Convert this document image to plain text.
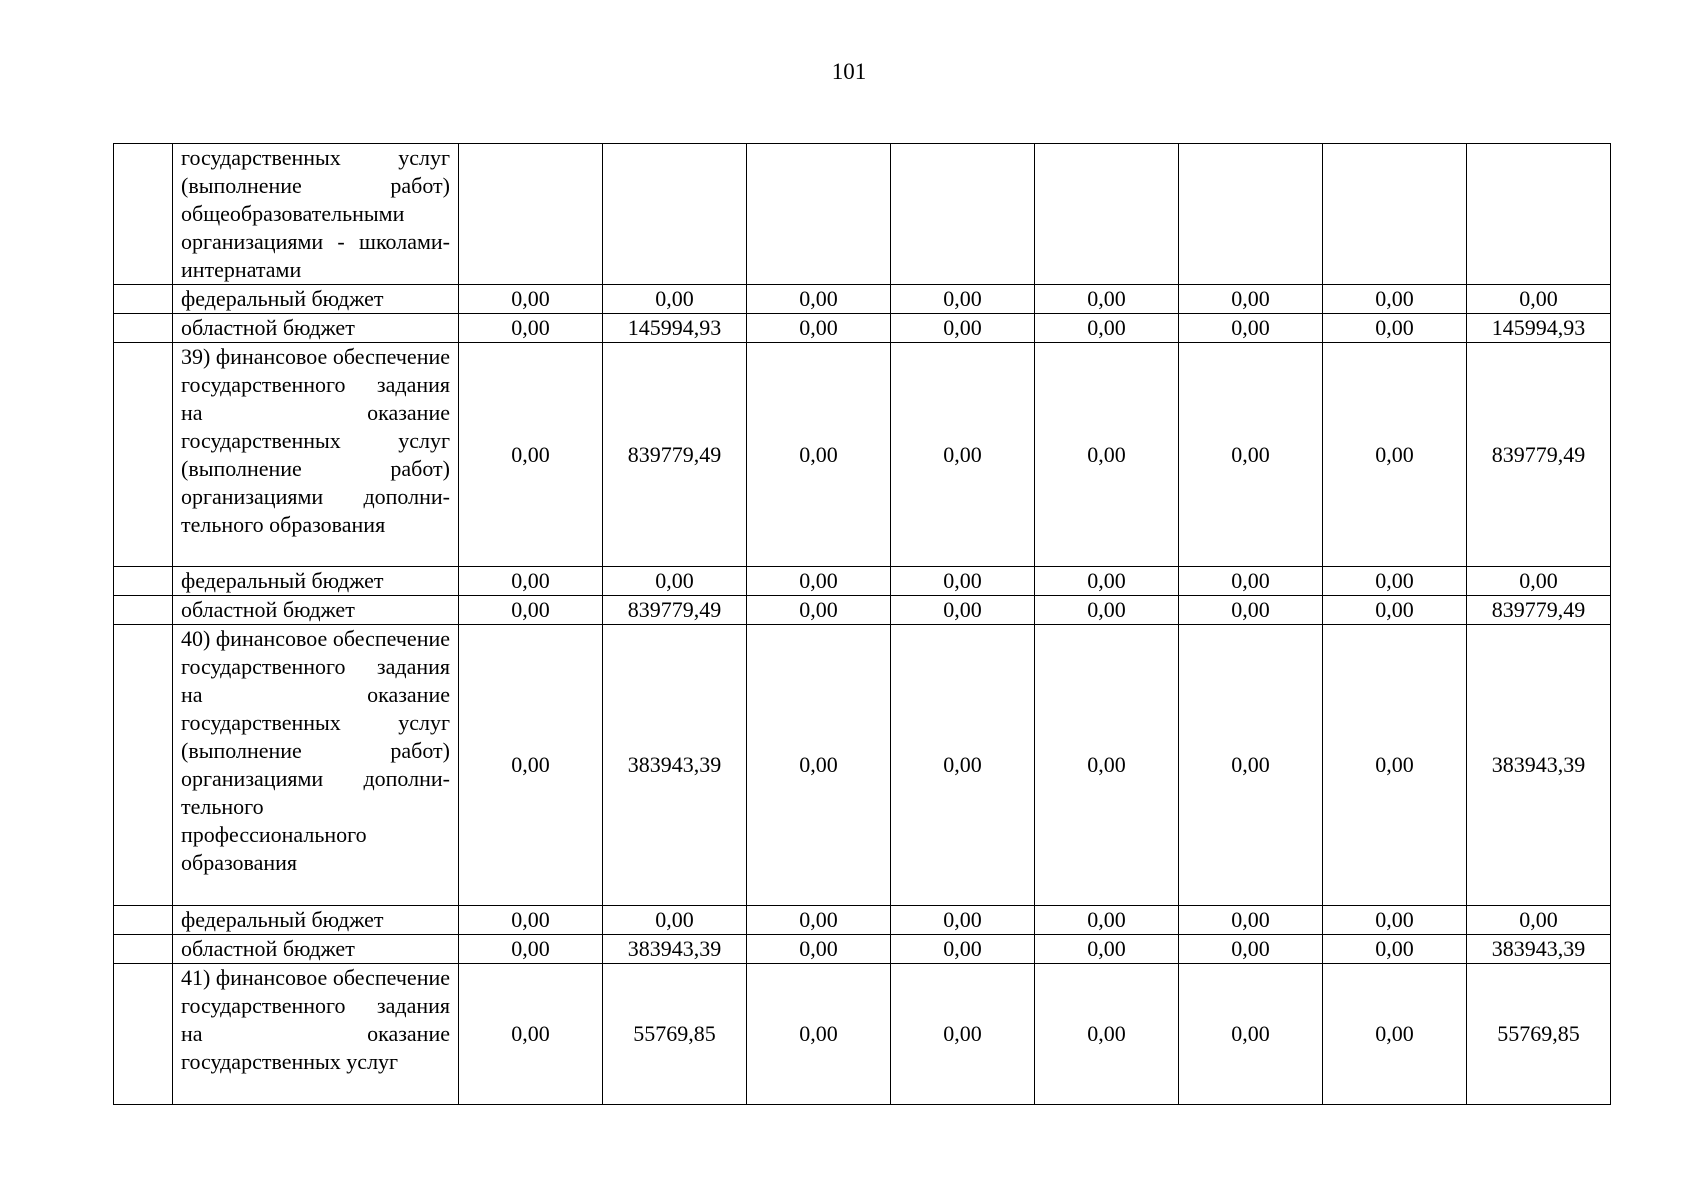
101
	государственных услуг (выполнение работ) общеобразовательными организациями - школами-интернатами								
	федеральный бюджет	0,00	0,00	0,00	0,00	0,00	0,00	0,00	0,00
	областной бюджет	0,00	145994,93	0,00	0,00	0,00	0,00	0,00	145994,93
	39) финансовое обеспечение государственного задания на оказание государственных услуг (выполнение работ) организациями дополни-тельного образования	0,00	839779,49	0,00	0,00	0,00	0,00	0,00	839779,49
	федеральный бюджет	0,00	0,00	0,00	0,00	0,00	0,00	0,00	0,00
	областной бюджет	0,00	839779,49	0,00	0,00	0,00	0,00	0,00	839779,49
	40) финансовое обеспечение государственного задания на оказание государственных услуг (выполнение работ) организациями дополни-тельного профессионального образования	0,00	383943,39	0,00	0,00	0,00	0,00	0,00	383943,39
	федеральный бюджет	0,00	0,00	0,00	0,00	0,00	0,00	0,00	0,00
	областной бюджет	0,00	383943,39	0,00	0,00	0,00	0,00	0,00	383943,39
	41) финансовое обеспечение государственного задания на оказание государственных услуг	0,00	55769,85	0,00	0,00	0,00	0,00	0,00	55769,85
